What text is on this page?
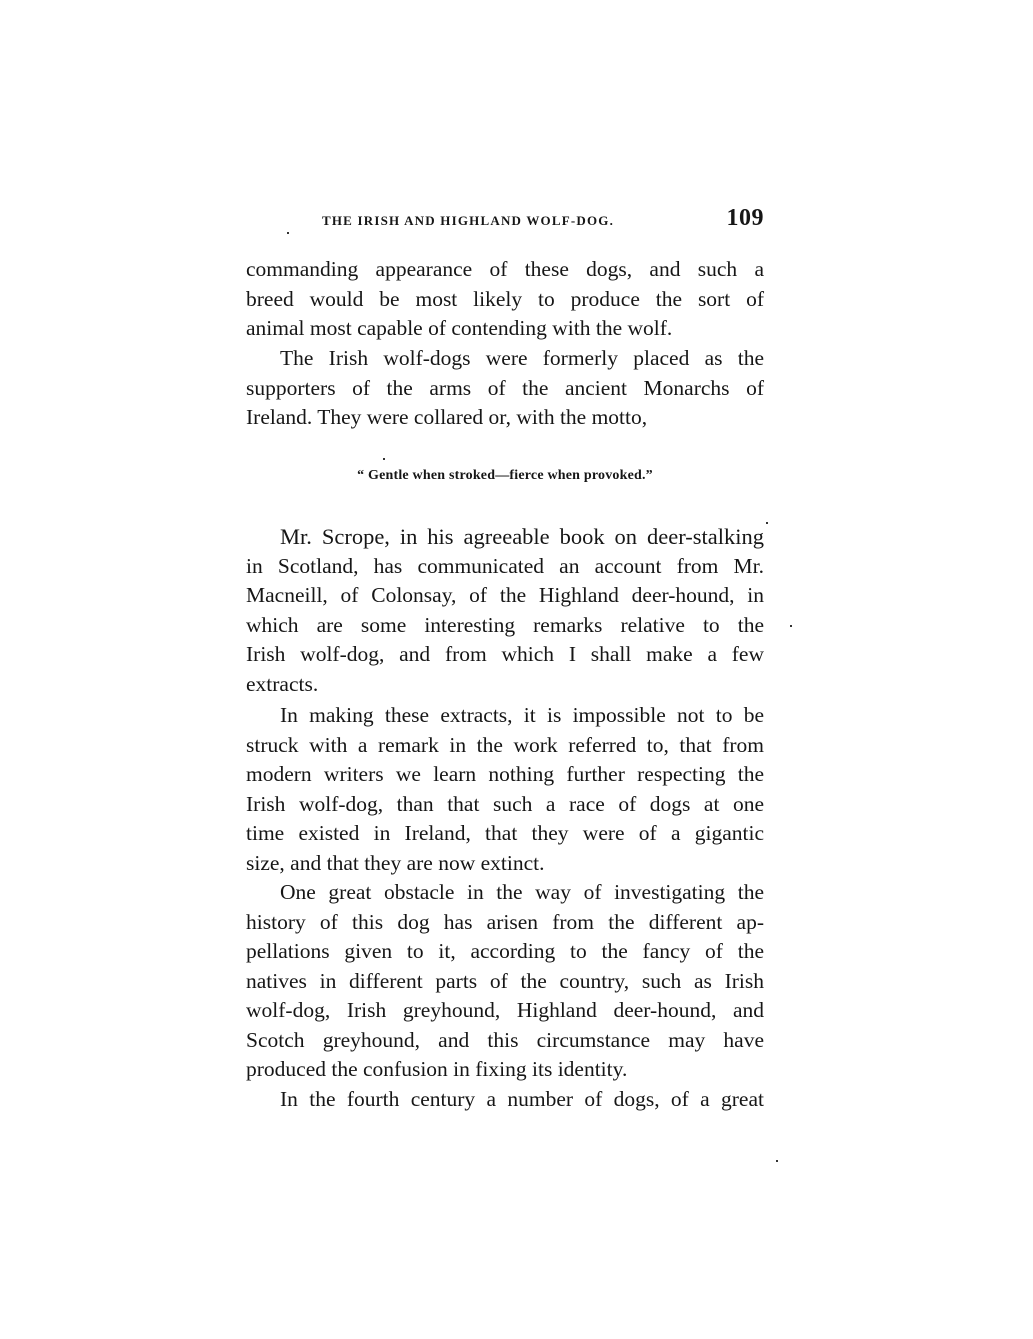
THE IRISH AND HIGHLAND WOLF-DOG.	109
commanding appearance of these dogs, and such a
breed would be most likely to produce the sort of
animal most capable of contending with the wolf.
The Irish wolf-dogs were formerly placed as the
supporters of the arms of the ancient Monarchs of
Ireland. They were collared or, with the motto,
“ Gentle when stroked—fierce when provoked.”
Mr. Scrope, in his agreeable book on deer-stalking
in Scotland, has communicated an account from Mr.
Macneill, of Colonsay, of the Highland deer-hound, in
which are some interesting remarks relative to the
Irish wolf-dog, and from which I shall make a few
extracts.
In making these extracts, it is impossible not to be
struck with a remark in the work referred to, that from
modern writers we learn nothing further respecting the
Irish wolf-dog, than that such a race of dogs at one
time existed in Ireland, that they were of a gigantic
size, and that they are now extinct.
One great obstacle in the way of investigating the
history of this dog has arisen from the different ap-
pellations given to it, according to the fancy of the
natives in different parts of the country, such as Irish
wolf-dog, Irish greyhound, Highland deer-hound, and
Scotch greyhound, and this circumstance may have
produced the confusion in fixing its identity.
In the fourth century a number of dogs, of a great
